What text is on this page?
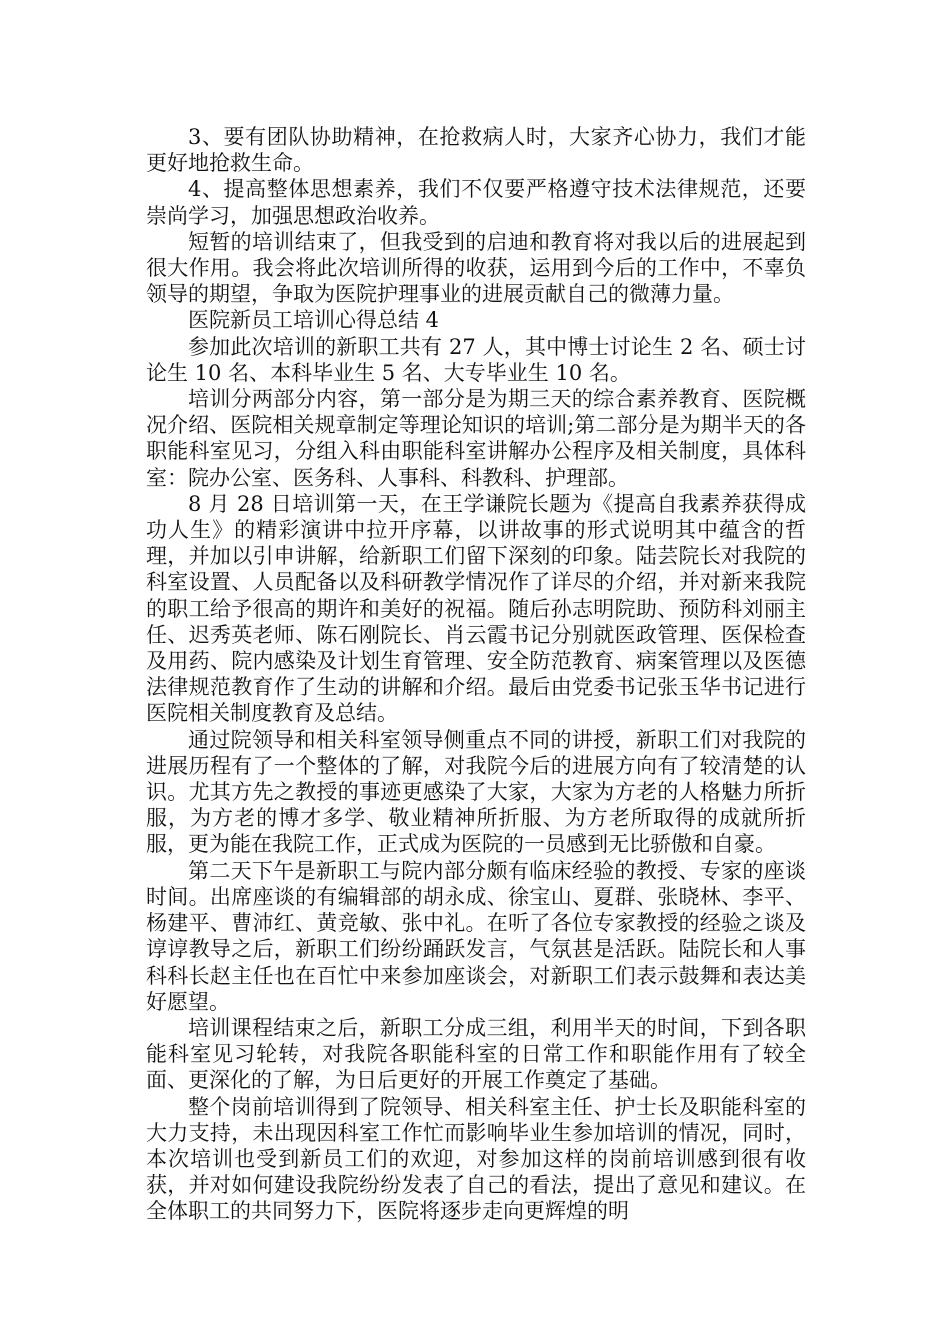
3、要有团队协助精神，在抢救病人时，大家齐心协力，我们才能更好地抢救生命。

4、提高整体思想素养，我们不仅要严格遵守技术法律规范，还要崇尚学习，加强思想政治收养。

短暂的培训结束了，但我受到的启迪和教育将对我以后的进展起到很大作用。我会将此次培训所得的收获，运用到今后的工作中，不辜负领导的期望，争取为医院护理事业的进展贡献自己的微薄力量。

医院新员工培训心得总结 4

参加此次培训的新职工共有 27 人，其中博士讨论生 2 名、硕士讨论生 10 名、本科毕业生 5 名、大专毕业生 10 名。

培训分两部分内容，第一部分是为期三天的综合素养教育、医院概况介绍、医院相关规章制定等理论知识的培训;第二部分是为期半天的各职能科室见习，分组入科由职能科室讲解办公程序及相关制度，具体科室：院办公室、医务科、人事科、科教科、护理部。

8 月 28 日培训第一天，在王学谦院长题为《提高自我素养获得成功人生》的精彩演讲中拉开序幕，以讲故事的形式说明其中蕴含的哲理，并加以引申讲解，给新职工们留下深刻的印象。陆芸院长对我院的科室设置、人员配备以及科研教学情况作了详尽的介绍，并对新来我院的职工给予很高的期许和美好的祝福。随后孙志明院助、预防科刘丽主任、迟秀英老师、陈石刚院长、肖云霞书记分别就医政管理、医保检查及用药、院内感染及计划生育管理、安全防范教育、病案管理以及医德法律规范教育作了生动的讲解和介绍。最后由党委书记张玉华书记进行医院相关制度教育及总结。

通过院领导和相关科室领导侧重点不同的讲授，新职工们对我院的进展历程有了一个整体的了解，对我院今后的进展方向有了较清楚的认识。尤其方先之教授的事迹更感染了大家，大家为方老的人格魅力所折服，为方老的博才多学、敬业精神所折服、为方老所取得的成就所折服，更为能在我院工作，正式成为医院的一员感到无比骄傲和自豪。

第二天下午是新职工与院内部分颇有临床经验的教授、专家的座谈时间。出席座谈的有编辑部的胡永成、徐宝山、夏群、张晓林、李平、杨建平、曹沛红、黄竞敏、张中礼。在听了各位专家教授的经验之谈及谆谆教导之后，新职工们纷纷踊跃发言，气氛甚是活跃。陆院长和人事科科长赵主任也在百忙中来参加座谈会，对新职工们表示鼓舞和表达美好愿望。

培训课程结束之后，新职工分成三组，利用半天的时间，下到各职能科室见习轮转，对我院各职能科室的日常工作和职能作用有了较全面、更深化的了解，为日后更好的开展工作奠定了基础。

整个岗前培训得到了院领导、相关科室主任、护士长及职能科室的大力支持，未出现因科室工作忙而影响毕业生参加培训的情况，同时，本次培训也受到新员工们的欢迎，对参加这样的岗前培训感到很有收获，并对如何建设我院纷纷发表了自己的看法，提出了意见和建议。在全体职工的共同努力下，医院将逐步走向更辉煌的明
